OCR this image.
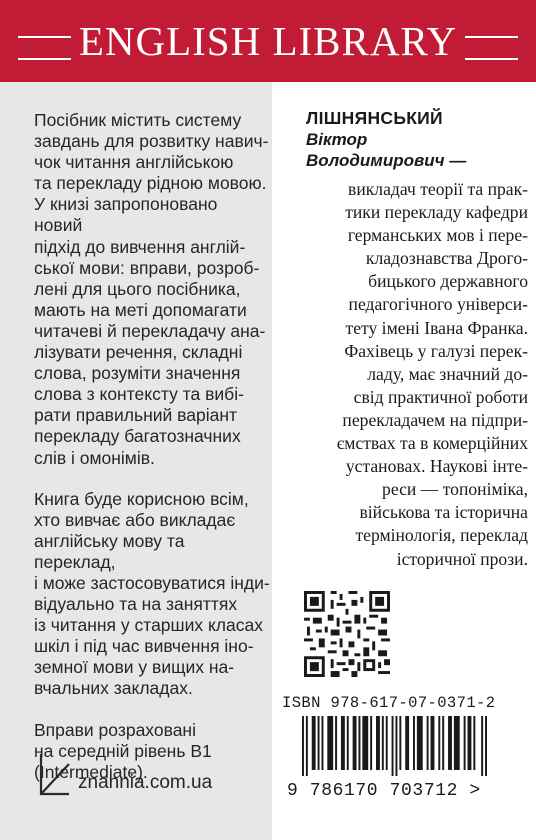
ENGLISH LIBRARY

Посібник містить систему
завдань для розвитку навич-
чок читання англійською
та перекладу рідною мовою.
У книзі запропоновано новий
підхід до вивчення англій-
ської мови: вправи, розроб-
лені для цього посібника,
мають на меті допомагати
читачеві й перекладачу ана-
лізувати речення, складні
слова, розуміти значення
слова з контексту та вибі-
рати правильний варіант
перекладу багатозначних
слів і омонімів.

Книга буде корисною всім,
хто вивчає або викладає
англійську мову та переклад,
і може застосовуватися інди-
відуально та на заняттях
із читання у старших класах
шкіл і під час вивчення іно-
земної мови у вищих на-
вчальних закладах.

Вправи розраховані
на середній рівень В1
(Intermediate).

znannia.com.ua
ЛІШНЯНСЬКИЙ
Віктор
Володимирович —
викладач теорії та прак-
тики перекладу кафедри
германських мов і пере-
кладознавства Дрого-
бицького державного
педагогічного універси-
тету імені Івана Франка.
Фахівець у галузі перек-
ладу, має значний до-
свід практичної роботи
перекладачем на підпри-
ємствах та в комерційних
установах. Наукові інте-
реси — топоніміка,
військова та історична
термінологія, переклад
історичної прози.
ISBN 978-617-07-0371-2
9 786170 703712 >
